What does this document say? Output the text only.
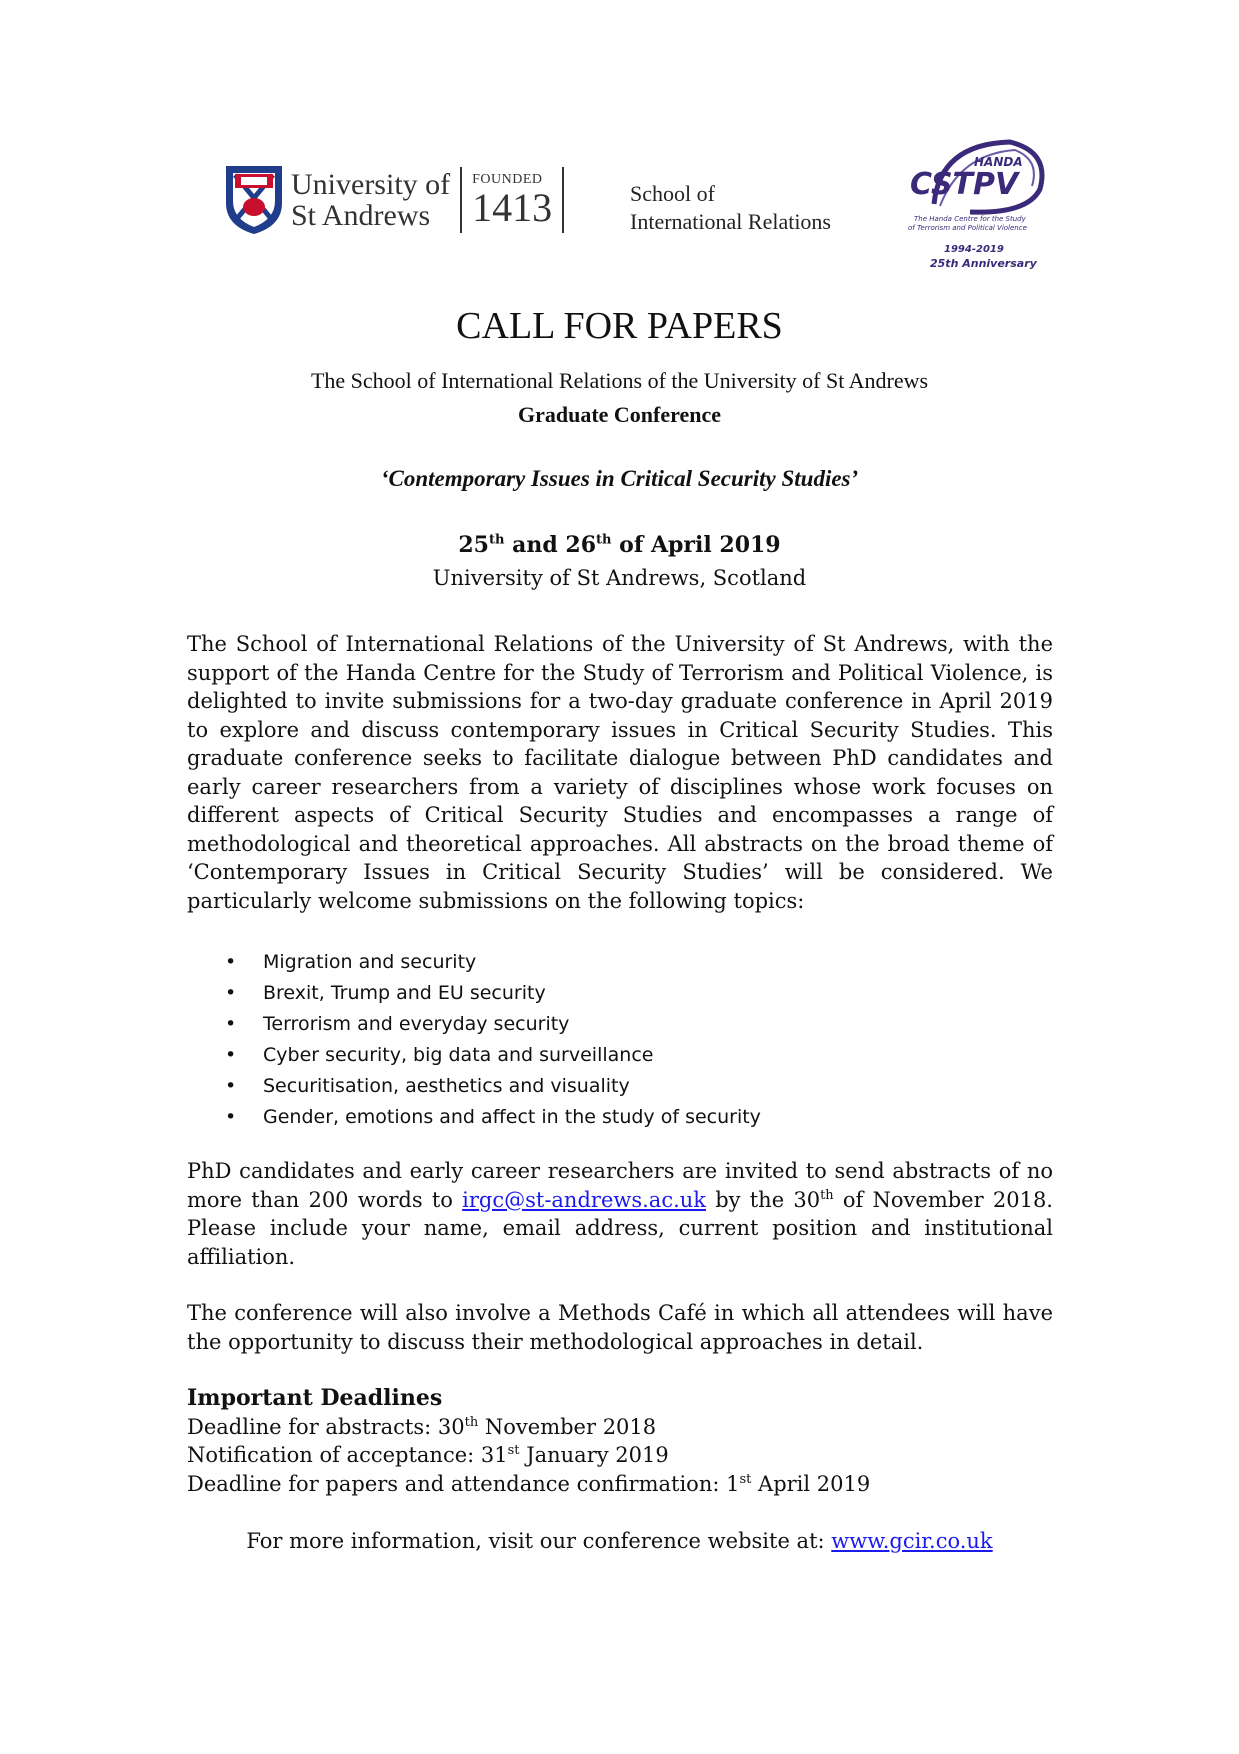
University of
St Andrews
FOUNDED
1413	School of
International Relations
HANDA
CSTPV
The Handa Centre for the Study
of Terrorism and Political Violence
1994-2019
25th Anniversary
CALL FOR PAPERS
The School of International Relations of the University of St Andrews
Graduate Conference
‘Contemporary Issues in Critical Security Studies’
25th and 26th of April 2019
University of St Andrews, Scotland
The School of International Relations of the University of St Andrews, with the support of the Handa Centre for the Study of Terrorism and Political Violence, is delighted to invite submissions for a two-day graduate conference in April 2019 to explore and discuss contemporary issues in Critical Security Studies. This graduate conference seeks to facilitate dialogue between PhD candidates and early career researchers from a variety of disciplines whose work focuses on different aspects of Critical Security Studies and encompasses a range of methodological and theoretical approaches. All abstracts on the broad theme of ‘Contemporary Issues in Critical Security Studies’ will be considered. We particularly welcome submissions on the following topics:
• Migration and security
• Brexit, Trump and EU security
• Terrorism and everyday security
• Cyber security, big data and surveillance
• Securitisation, aesthetics and visuality
• Gender, emotions and affect in the study of security
PhD candidates and early career researchers are invited to send abstracts of no more than 200 words to irgc@st-andrews.ac.uk by the 30th of November 2018. Please include your name, email address, current position and institutional affiliation.
The conference will also involve a Methods Café in which all attendees will have the opportunity to discuss their methodological approaches in detail.
Important Deadlines
Deadline for abstracts: 30th November 2018
Notification of acceptance: 31st January 2019
Deadline for papers and attendance confirmation: 1st April 2019
For more information, visit our conference website at: www.gcir.co.uk
